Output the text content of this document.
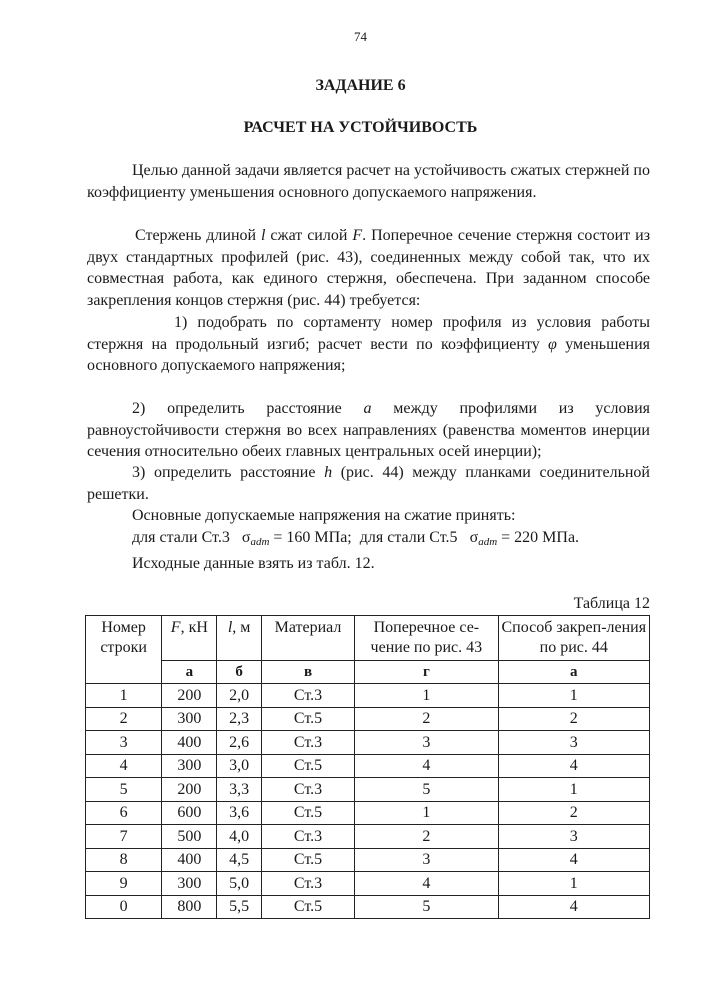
74
ЗАДАНИЕ 6
РАСЧЕТ НА УСТОЙЧИВОСТЬ

Целью данной задачи является расчет на устойчивость сжатых стержней по коэффициенту уменьшения основного допускаемого напряжения.

Стержень длиной l сжат силой F. Поперечное сечение стержня состоит из двух стандартных профилей (рис. 43), соединенных между собой так, что их совместная работа, как единого стержня, обеспечена. При заданном способе закрепления концов стержня (рис. 44) требуется:

1) подобрать по сортаменту номер профиля из условия работы стержня на продольный изгиб; расчет вести по коэффициенту φ уменьшения основного допускаемого напряжения;

2) определить расстояние a между профилями из условия равноустойчивости стержня во всех направлениях (равенства моментов инерции сечения относительно обеих главных центральных осей инерции);

3) определить расстояние h (рис. 44) между планками соединительной решетки.

Основные допускаемые напряжения на сжатие принять:

для стали Ст.3   $\sigma_{adm} = 160$ МПа;  для стали Ст.5   $\sigma_{adm} = 220$ МПа.

Исходные данные взять из табл. 12.

Таблица 12
Номер строки	F, кН	l, м	Материал	Поперечное се-чение по рис. 43	Способ закреп-ления по рис. 44
	а	б	в	г	а
1	200	2,0	Ст.3	1	1
2	300	2,3	Ст.5	2	2
3	400	2,6	Ст.3	3	3
4	300	3,0	Ст.5	4	4
5	200	3,3	Ст.3	5	1
6	600	3,6	Ст.5	1	2
7	500	4,0	Ст.3	2	3
8	400	4,5	Ст.5	3	4
9	300	5,0	Ст.3	4	1
0	800	5,5	Ст.5	5	4
